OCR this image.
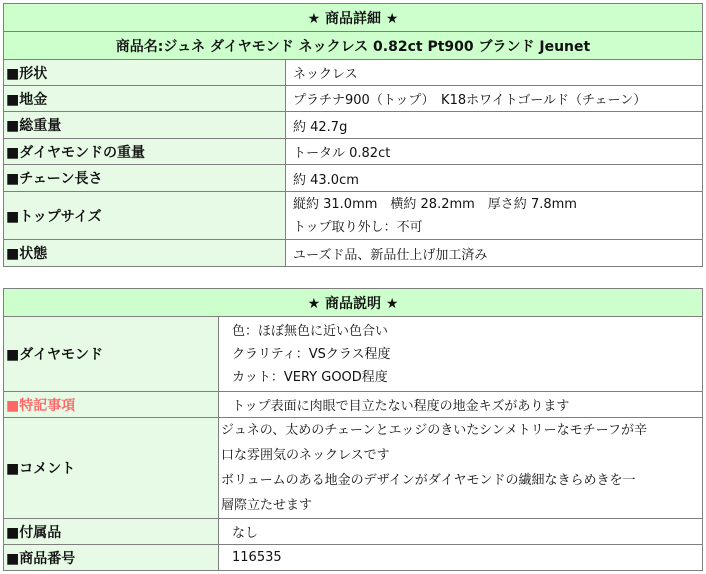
★ 商品詳細 ★	
商品名:ジュネ ダイヤモンド ネックレス 0.82ct Pt900 ブランド Jeunet	
■形状	ネックレス
■地金	プラチナ900（トップ）　K18ホワイトゴールド（チェーン）
■総重量	約 42.7g
■ダイヤモンドの重量	トータル 0.82ct
■チェーン長さ	約 43.0cm
■トップサイズ	縦約 31.0mm　横約 28.2mm　厚さ約 7.8mm
トップ取り外し：不可

■状態	ユーズド品、新品仕上げ加工済み
★ 商品説明 ★	
■ダイヤモンド	色：ほぼ無色に近い色合い
クラリティ：VSクラス程度
カット：VERY GOOD程度

■特記事項	トップ表面に肉眼で目立たない程度の地金キズがあります
■コメント	ジュネの、太めのチェーンとエッジのきいたシンメトリーなモチーフが辛
口な雰囲気のネックレスです
ボリュームのある地金のデザインがダイヤモンドの繊細なきらめきを一
層際立たせます

■付属品	なし
■商品番号	116535
